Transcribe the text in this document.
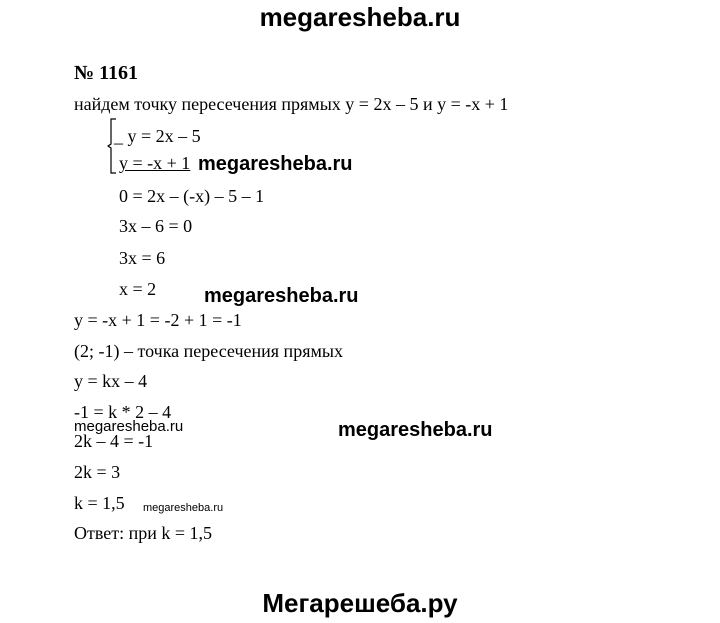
megaresheba.ru
№ 1161
найдем точку пересечения прямых y = 2x – 5 и y = -x + 1
_ y = 2x – 5
y = -x + 1 megaresheba.ru
0 = 2x – (-x) – 5 – 1
3x – 6 = 0
3x = 6
x = 2 megaresheba.ru
y = -x + 1 = -2 + 1 = -1
(2; -1) – точка пересечения прямых
y = kx – 4
-1 = k * 2 – 4
megaresheba.ru
2k – 4 = -1	megaresheba.ru
2k = 3
k = 1,5 megaresheba.ru
Ответ: при k = 1,5
Мегарешеба.ру
